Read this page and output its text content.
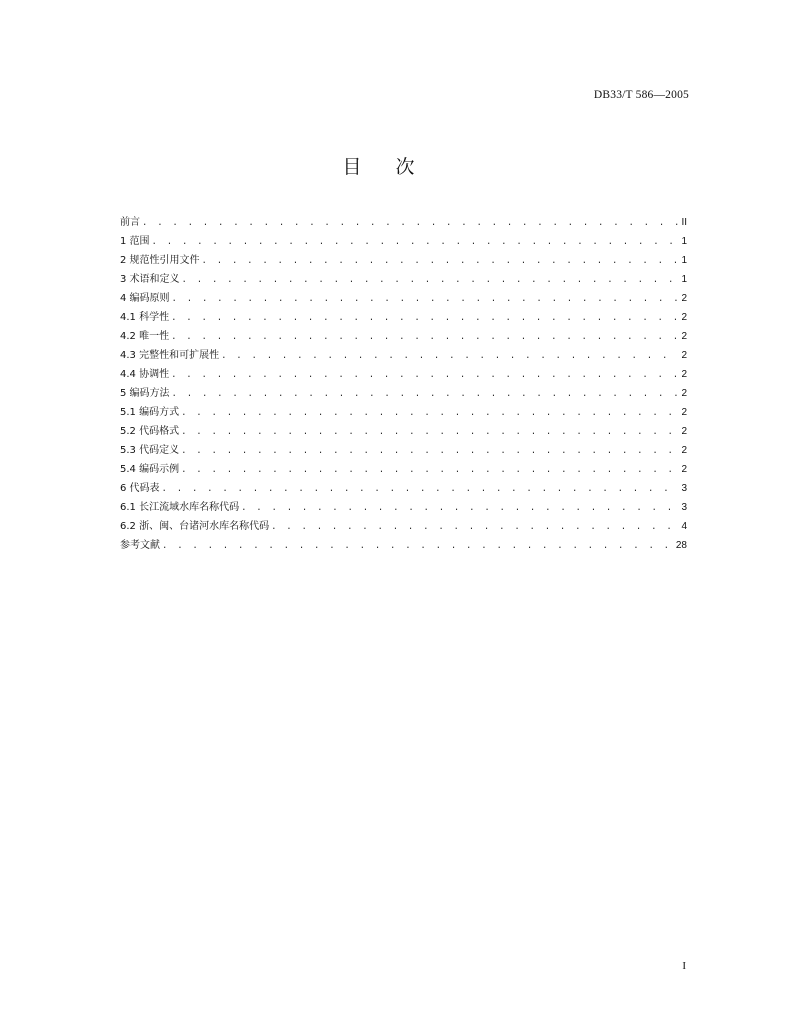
DB33/T 586—2005
目次
前言 . . .	II
1 范围 . . .	1
2 规范性引用文件 . . .	1
3 术语和定义 . . .	1
4 编码原则 . . .	2
4.1 科学性 . . .	2
4.2 唯一性 . . .	2
4.3 完整性和可扩展性 . . .	2
4.4 协调性 . . .	2
5 编码方法 . . .	2
5.1 编码方式 . . .	2
5.2 代码格式 . . .	2
5.3 代码定义 . . .	2
5.4 编码示例 . . .	2
6 代码表 . . .	3
6.1 长江流域水库名称代码 . . .	3
6.2 浙、闽、台诸河水库名称代码 . . .	4
参考文献 . . .	28
I
